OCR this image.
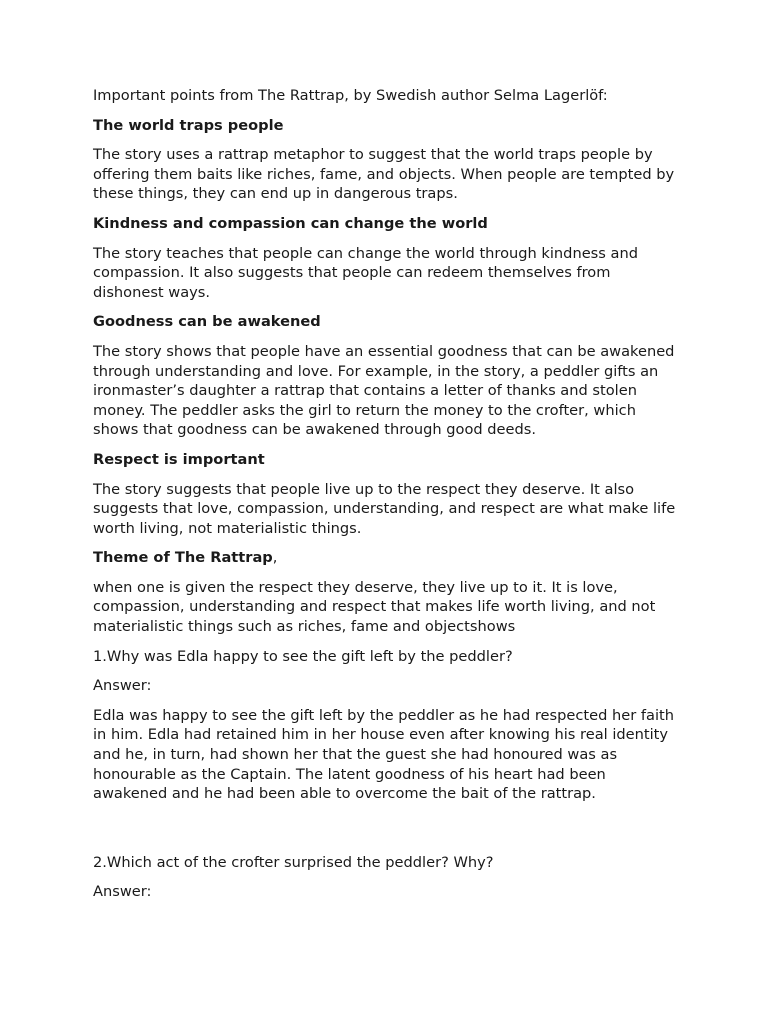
Important points from The Rattrap, by Swedish author Selma Lagerlöf:

The world traps people

The story uses a rattrap metaphor to suggest that the world traps people by offering them baits like riches, fame, and objects. When people are tempted by these things, they can end up in dangerous traps.

Kindness and compassion can change the world

The story teaches that people can change the world through kindness and compassion. It also suggests that people can redeem themselves from dishonest ways.

Goodness can be awakened

The story shows that people have an essential goodness that can be awakened through understanding and love. For example, in the story, a peddler gifts an ironmaster’s daughter a rattrap that contains a letter of thanks and stolen money. The peddler asks the girl to return the money to the crofter, which shows that goodness can be awakened through good deeds.

Respect is important

The story suggests that people live up to the respect they deserve. It also suggests that love, compassion, understanding, and respect are what make life worth living, not materialistic things.

Theme of The Rattrap,

when one is given the respect they deserve, they live up to it. It is love, compassion, understanding and respect that makes life worth living, and not materialistic things such as riches, fame and objectshows

1.Why was Edla happy to see the gift left by the peddler?

Answer:

Edla was happy to see the gift left by the peddler as he had respected her faith in him. Edla had retained him in her house even after knowing his real identity and he, in turn, had shown her that the guest she had honoured was as honourable as the Captain. The latent goodness of his heart had been awakened and he had been able to overcome the bait of the rattrap.

2.Which act of the crofter surprised the peddler? Why?

Answer:
